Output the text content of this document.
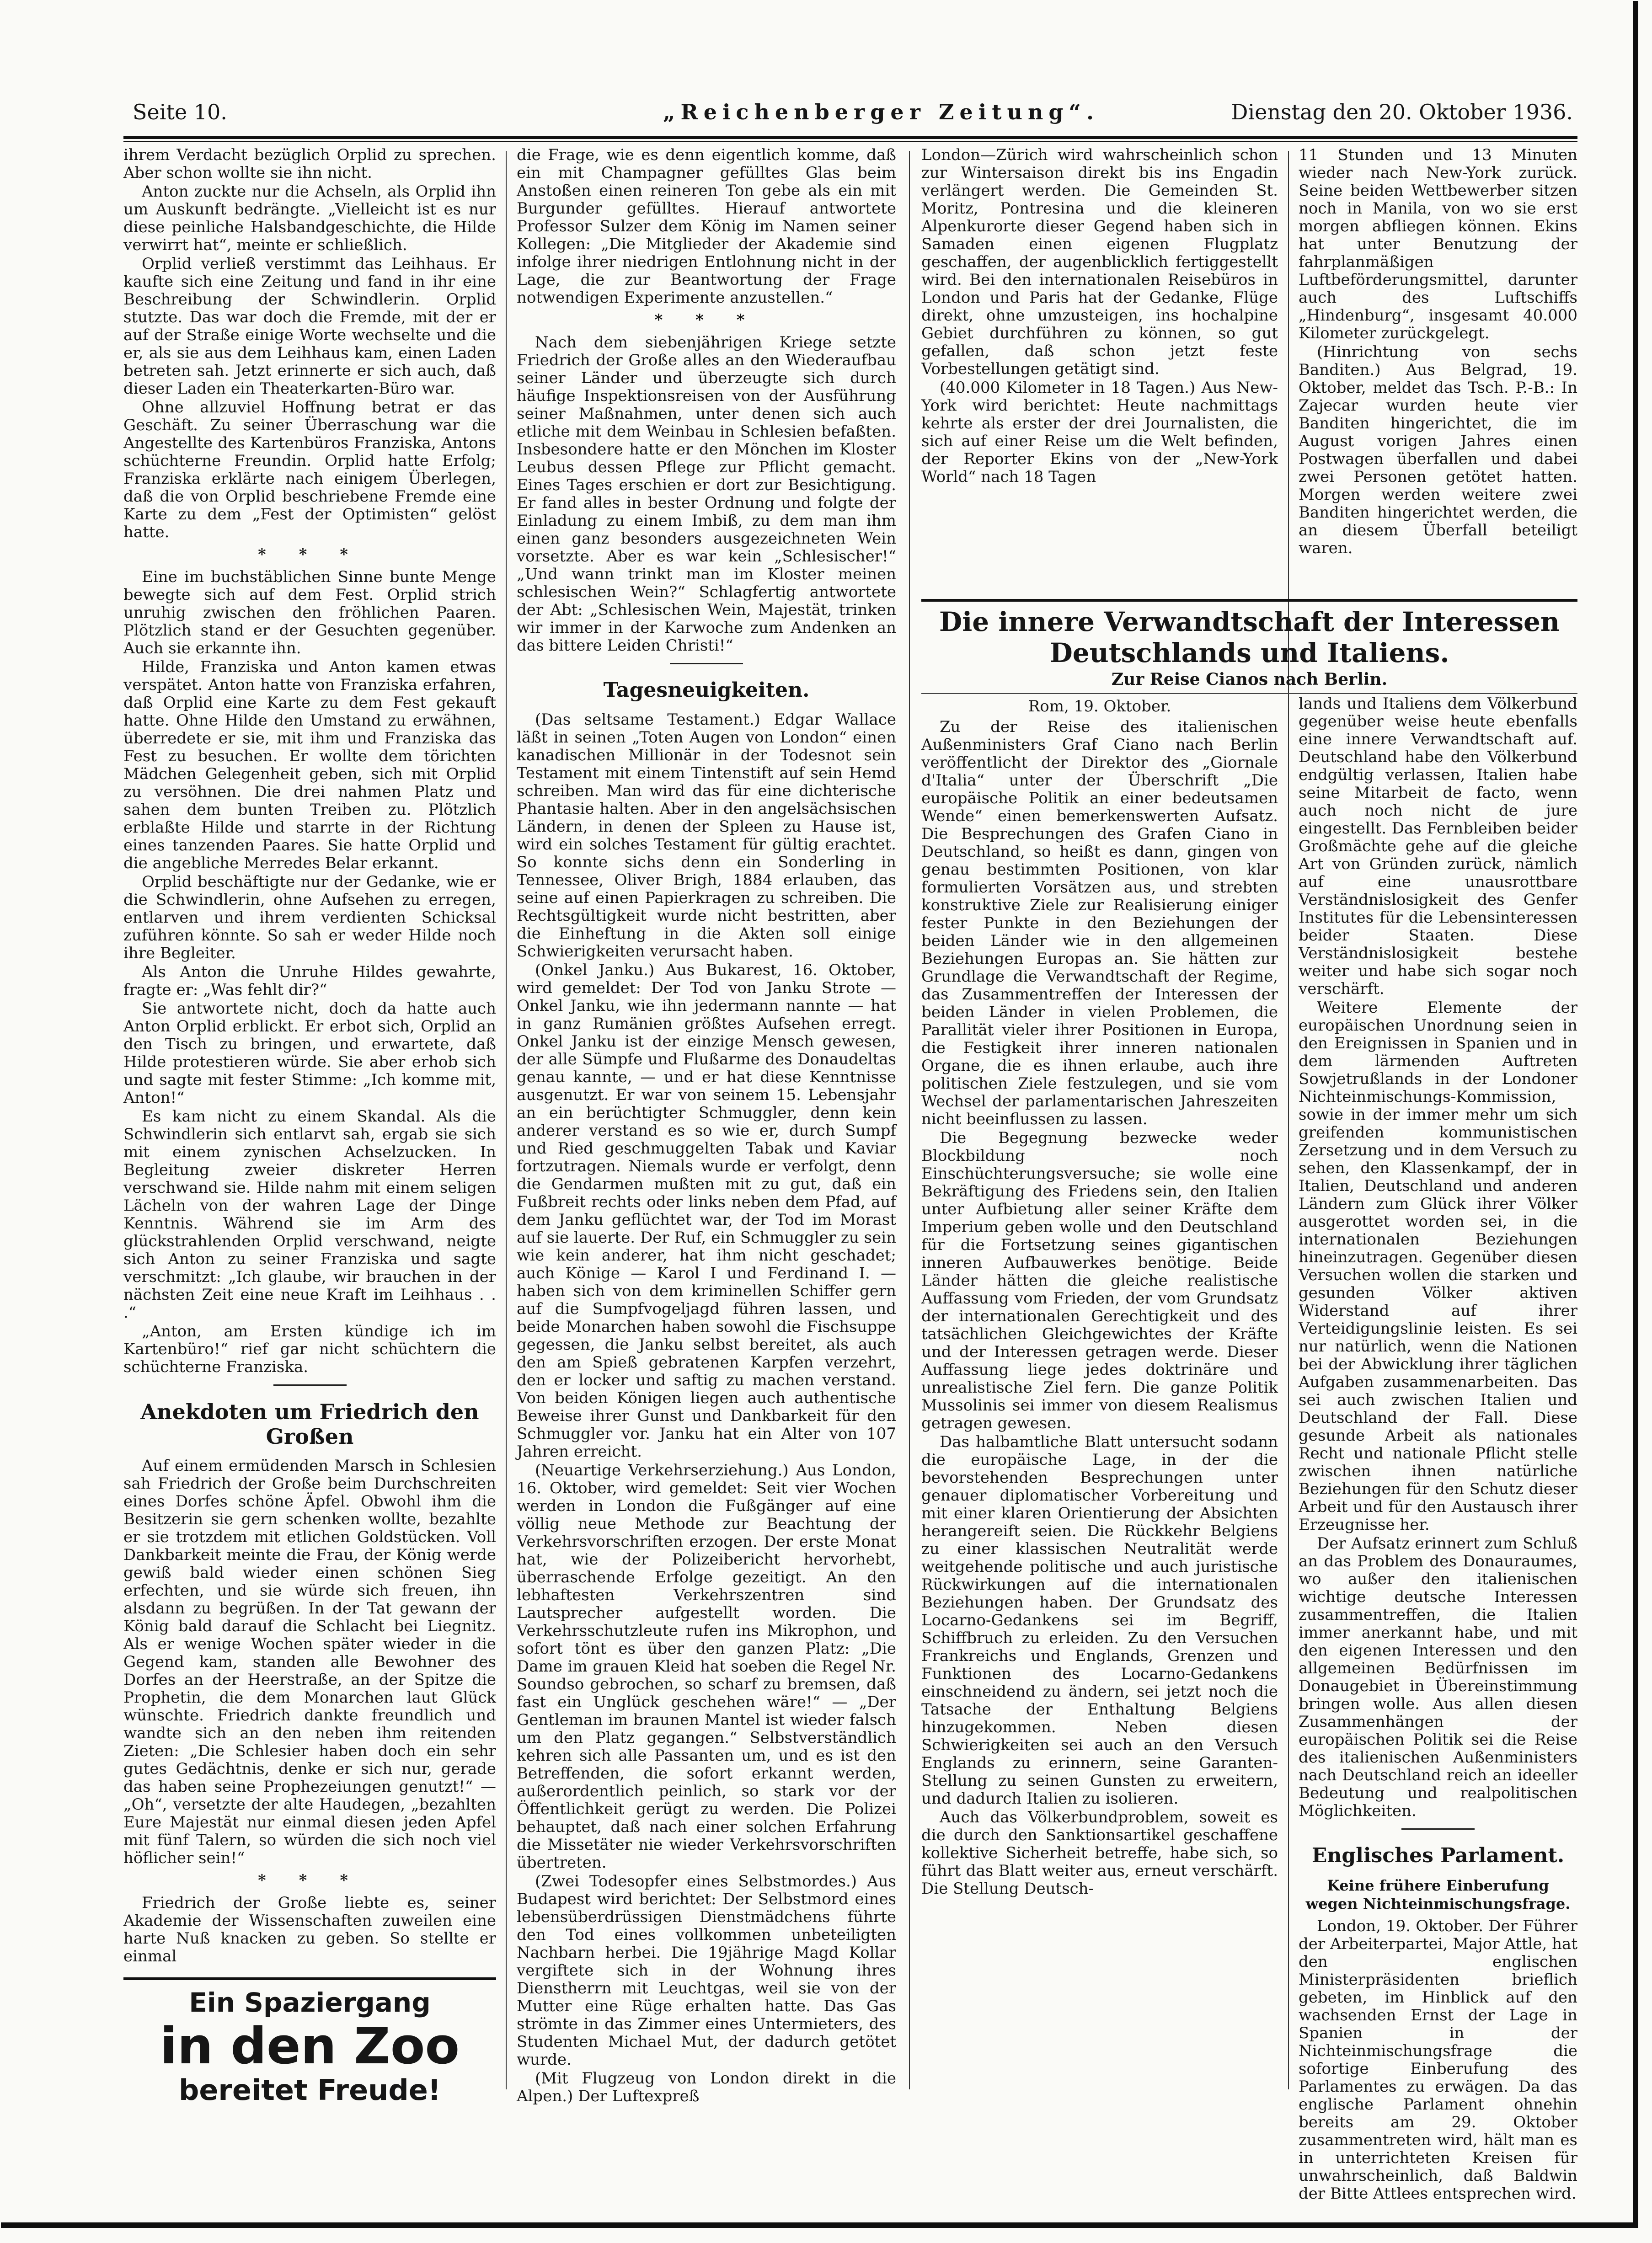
Seite 10.	„Reichenberger Zeitung“.	Dienstag den 20. Oktober 1936.

ihrem Verdacht bezüglich Orplid zu sprechen. Aber schon wollte sie ihn nicht.

Anton zuckte nur die Achseln, als Orplid ihn um Auskunft bedrängte. „Vielleicht ist es nur diese peinliche Halsbandgeschichte, die Hilde verwirrt hat“, meinte er schließlich.

Orplid verließ verstimmt das Leihhaus. Er kaufte sich eine Zeitung und fand in ihr eine Beschreibung der Schwindlerin. Orplid stutzte. Das war doch die Fremde, mit der er auf der Straße einige Worte wechselte und die er, als sie aus dem Leihhaus kam, einen Laden betreten sah. Jetzt erinnerte er sich auch, daß dieser Laden ein Theaterkarten-Büro war.

Ohne allzuviel Hoffnung betrat er das Geschäft. Zu seiner Überraschung war die Angestellte des Kartenbüros Franziska, Antons schüchterne Freundin. Orplid hatte Erfolg; Franziska erklärte nach einigem Überlegen, daß die von Orplid beschriebene Fremde eine Karte zu dem „Fest der Optimisten“ gelöst hatte.

* * *

Eine im buchstäblichen Sinne bunte Menge bewegte sich auf dem Fest. Orplid strich unruhig zwischen den fröhlichen Paaren. Plötzlich stand er der Gesuchten gegenüber. Auch sie erkannte ihn.

Hilde, Franziska und Anton kamen etwas verspätet. Anton hatte von Franziska erfahren, daß Orplid eine Karte zu dem Fest gekauft hatte. Ohne Hilde den Umstand zu erwähnen, überredete er sie, mit ihm und Franziska das Fest zu besuchen. Er wollte dem törichten Mädchen Gelegenheit geben, sich mit Orplid zu versöhnen. Die drei nahmen Platz und sahen dem bunten Treiben zu. Plötzlich erblaßte Hilde und starrte in der Richtung eines tanzenden Paares. Sie hatte Orplid und die angebliche Merredes Belar erkannt.

Orplid beschäftigte nur der Gedanke, wie er die Schwindlerin, ohne Aufsehen zu erregen, entlarven und ihrem verdienten Schicksal zuführen könnte. So sah er weder Hilde noch ihre Begleiter.

Als Anton die Unruhe Hildes gewahrte, fragte er: „Was fehlt dir?“

Sie antwortete nicht, doch da hatte auch Anton Orplid erblickt. Er erbot sich, Orplid an den Tisch zu bringen, und erwartete, daß Hilde protestieren würde. Sie aber erhob sich und sagte mit fester Stimme: „Ich komme mit, Anton!“

Es kam nicht zu einem Skandal. Als die Schwindlerin sich entlarvt sah, ergab sie sich mit einem zynischen Achselzucken. In Begleitung zweier diskreter Herren verschwand sie. Hilde nahm mit einem seligen Lächeln von der wahren Lage der Dinge Kenntnis. Während sie im Arm des glückstrahlenden Orplid verschwand, neigte sich Anton zu seiner Franziska und sagte verschmitzt: „Ich glaube, wir brauchen in der nächsten Zeit eine neue Kraft im Leihhaus . . .“

„Anton, am Ersten kündige ich im Kartenbüro!“ rief gar nicht schüchtern die schüchterne Franziska.

Anekdoten um Friedrich den Großen

Auf einem ermüdenden Marsch in Schlesien sah Friedrich der Große beim Durchschreiten eines Dorfes schöne Äpfel. Obwohl ihm die Besitzerin sie gern schenken wollte, bezahlte er sie trotzdem mit etlichen Goldstücken. Voll Dankbarkeit meinte die Frau, der König werde gewiß bald wieder einen schönen Sieg erfechten, und sie würde sich freuen, ihn alsdann zu begrüßen. In der Tat gewann der König bald darauf die Schlacht bei Liegnitz. Als er wenige Wochen später wieder in die Gegend kam, standen alle Bewohner des Dorfes an der Heerstraße, an der Spitze die Prophetin, die dem Monarchen laut Glück wünschte. Friedrich dankte freundlich und wandte sich an den neben ihm reitenden Zieten: „Die Schlesier haben doch ein sehr gutes Gedächtnis, denke er sich nur, gerade das haben seine Prophezeiungen genutzt!“ — „Oh“, versetzte der alte Haudegen, „bezahlten Eure Majestät nur einmal diesen jeden Apfel mit fünf Talern, so würden die sich noch viel höflicher sein!“

* * *

Friedrich der Große liebte es, seiner Akademie der Wissenschaften zuweilen eine harte Nuß knacken zu geben. So stellte er einmal

Ein Spaziergang
in den Zoo
bereitet Freude!

die Frage, wie es denn eigentlich komme, daß ein mit Champagner gefülltes Glas beim Anstoßen einen reineren Ton gebe als ein mit Burgunder gefülltes. Hierauf antwortete Professor Sulzer dem König im Namen seiner Kollegen: „Die Mitglieder der Akademie sind infolge ihrer niedrigen Entlohnung nicht in der Lage, die zur Beantwortung der Frage notwendigen Experimente anzustellen.“

* * *

Nach dem siebenjährigen Kriege setzte Friedrich der Große alles an den Wiederaufbau seiner Länder und überzeugte sich durch häufige Inspektionsreisen von der Ausführung seiner Maßnahmen, unter denen sich auch etliche mit dem Weinbau in Schlesien befaßten. Insbesondere hatte er den Mönchen im Kloster Leubus dessen Pflege zur Pflicht gemacht. Eines Tages erschien er dort zur Besichtigung. Er fand alles in bester Ordnung und folgte der Einladung zu einem Imbiß, zu dem man ihm einen ganz besonders ausgezeichneten Wein vorsetzte. Aber es war kein „Schlesischer!“ „Und wann trinkt man im Kloster meinen schlesischen Wein?“ Schlagfertig antwortete der Abt: „Schlesischen Wein, Majestät, trinken wir immer in der Karwoche zum Andenken an das bittere Leiden Christi!“

Tagesneuigkeiten.

(Das seltsame Testament.) Edgar Wallace läßt in seinen „Toten Augen von London“ einen kanadischen Millionär in der Todesnot sein Testament mit einem Tintenstift auf sein Hemd schreiben. Man wird das für eine dichterische Phantasie halten. Aber in den angelsächsischen Ländern, in denen der Spleen zu Hause ist, wird ein solches Testament für gültig erachtet. So konnte sichs denn ein Sonderling in Tennessee, Oliver Brigh, 1884 erlauben, das seine auf einen Papierkragen zu schreiben. Die Rechtsgültigkeit wurde nicht bestritten, aber die Einheftung in die Akten soll einige Schwierigkeiten verursacht haben.

(Onkel Janku.) Aus Bukarest, 16. Oktober, wird gemeldet: Der Tod von Janku Strote — Onkel Janku, wie ihn jedermann nannte — hat in ganz Rumänien größtes Aufsehen erregt. Onkel Janku ist der einzige Mensch gewesen, der alle Sümpfe und Flußarme des Donaudeltas genau kannte, — und er hat diese Kenntnisse ausgenutzt. Er war von seinem 15. Lebensjahr an ein berüchtigter Schmuggler, denn kein anderer verstand es so wie er, durch Sumpf und Ried geschmuggelten Tabak und Kaviar fortzutragen. Niemals wurde er verfolgt, denn die Gendarmen mußten mit zu gut, daß ein Fußbreit rechts oder links neben dem Pfad, auf dem Janku geflüchtet war, der Tod im Morast auf sie lauerte. Der Ruf, ein Schmuggler zu sein wie kein anderer, hat ihm nicht geschadet; auch Könige — Karol I und Ferdinand I. — haben sich von dem kriminellen Schiffer gern auf die Sumpfvogeljagd führen lassen, und beide Monarchen haben sowohl die Fischsuppe gegessen, die Janku selbst bereitet, als auch den am Spieß gebratenen Karpfen verzehrt, den er locker und saftig zu machen verstand. Von beiden Königen liegen auch authentische Beweise ihrer Gunst und Dankbarkeit für den Schmuggler vor. Janku hat ein Alter von 107 Jahren erreicht.

(Neuartige Verkehrserziehung.) Aus London, 16. Oktober, wird gemeldet: Seit vier Wochen werden in London die Fußgänger auf eine völlig neue Methode zur Beachtung der Verkehrsvorschriften erzogen. Der erste Monat hat, wie der Polizeibericht hervorhebt, überraschende Erfolge gezeitigt. An den lebhaftesten Verkehrszentren sind Lautsprecher aufgestellt worden. Die Verkehrsschutzleute rufen ins Mikrophon, und sofort tönt es über den ganzen Platz: „Die Dame im grauen Kleid hat soeben die Regel Nr. Soundso gebrochen, so scharf zu bremsen, daß fast ein Unglück geschehen wäre!“ — „Der Gentleman im braunen Mantel ist wieder falsch um den Platz gegangen.“ Selbstverständlich kehren sich alle Passanten um, und es ist den Betreffenden, die sofort erkannt werden, außerordentlich peinlich, so stark vor der Öffentlichkeit gerügt zu werden. Die Polizei behauptet, daß nach einer solchen Erfahrung die Missetäter nie wieder Verkehrsvorschriften übertreten.

(Zwei Todesopfer eines Selbstmordes.) Aus Budapest wird berichtet: Der Selbstmord eines lebensüberdrüssigen Dienstmädchens führte den Tod eines vollkommen unbeteiligten Nachbarn herbei. Die 19jährige Magd Kollar vergiftete sich in der Wohnung ihres Dienstherrn mit Leuchtgas, weil sie von der Mutter eine Rüge erhalten hatte. Das Gas strömte in das Zimmer eines Untermieters, des Studenten Michael Mut, der dadurch getötet wurde.

(Mit Flugzeug von London direkt in die Alpen.) Der Luftexpreß

London—Zürich wird wahrscheinlich schon zur Wintersaison direkt bis ins Engadin verlängert werden. Die Gemeinden St. Moritz, Pontresina und die kleineren Alpenkurorte dieser Gegend haben sich in Samaden einen eigenen Flugplatz geschaffen, der augenblicklich fertiggestellt wird. Bei den internationalen Reisebüros in London und Paris hat der Gedanke, Flüge direkt, ohne umzusteigen, ins hochalpine Gebiet durchführen zu können, so gut gefallen, daß schon jetzt feste Vorbestellungen getätigt sind.

(40.000 Kilometer in 18 Tagen.) Aus New-York wird berichtet: Heute nachmittags kehrte als erster der drei Journalisten, die sich auf einer Reise um die Welt befinden, der Reporter Ekins von der „New-York World“ nach 18 Tagen

11 Stunden und 13 Minuten wieder nach New-York zurück. Seine beiden Wettbewerber sitzen noch in Manila, von wo sie erst morgen abfliegen können. Ekins hat unter Benutzung der fahrplanmäßigen Luftbeförderungsmittel, darunter auch des Luftschiffs „Hindenburg“, insgesamt 40.000 Kilometer zurückgelegt.

(Hinrichtung von sechs Banditen.) Aus Belgrad, 19. Oktober, meldet das Tsch. P.-B.: In Zajecar wurden heute vier Banditen hingerichtet, die im August vorigen Jahres einen Postwagen überfallen und dabei zwei Personen getötet hatten. Morgen werden weitere zwei Banditen hingerichtet werden, die an diesem Überfall beteiligt waren.

Die innere Verwandtschaft der Interessen Deutschlands und Italiens.
Zur Reise Cianos nach Berlin.
Rom, 19. Oktober.

Zu der Reise des italienischen Außenministers Graf Ciano nach Berlin veröffentlicht der Direktor des „Giornale d'Italia“ unter der Überschrift „Die europäische Politik an einer bedeutsamen Wende“ einen bemerkenswerten Aufsatz. Die Besprechungen des Grafen Ciano in Deutschland, so heißt es dann, gingen von genau bestimmten Positionen, von klar formulierten Vorsätzen aus, und strebten konstruktive Ziele zur Realisierung einiger fester Punkte in den Beziehungen der beiden Länder wie in den allgemeinen Beziehungen Europas an. Sie hätten zur Grundlage die Verwandtschaft der Regime, das Zusammentreffen der Interessen der beiden Länder in vielen Problemen, die Parallität vieler ihrer Positionen in Europa, die Festigkeit ihrer inneren nationalen Organe, die es ihnen erlaube, auch ihre politischen Ziele festzulegen, und sie vom Wechsel der parlamentarischen Jahreszeiten nicht beeinflussen zu lassen.

Die Begegnung bezwecke weder Blockbildung noch Einschüchterungsversuche; sie wolle eine Bekräftigung des Friedens sein, den Italien unter Aufbietung aller seiner Kräfte dem Imperium geben wolle und den Deutschland für die Fortsetzung seines gigantischen inneren Aufbauwerkes benötige. Beide Länder hätten die gleiche realistische Auffassung vom Frieden, der vom Grundsatz der internationalen Gerechtigkeit und des tatsächlichen Gleichgewichtes der Kräfte und der Interessen getragen werde. Dieser Auffassung liege jedes doktrinäre und unrealistische Ziel fern. Die ganze Politik Mussolinis sei immer von diesem Realismus getragen gewesen.

Das halbamtliche Blatt untersucht sodann die europäische Lage, in der die bevorstehenden Besprechungen unter genauer diplomatischer Vorbereitung und mit einer klaren Orientierung der Absichten herangereift seien. Die Rückkehr Belgiens zu einer klassischen Neutralität werde weitgehende politische und auch juristische Rückwirkungen auf die internationalen Beziehungen haben. Der Grundsatz des Locarno-Gedankens sei im Begriff, Schiffbruch zu erleiden. Zu den Versuchen Frankreichs und Englands, Grenzen und Funktionen des Locarno-Gedankens einschneidend zu ändern, sei jetzt noch die Tatsache der Enthaltung Belgiens hinzugekommen. Neben diesen Schwierigkeiten sei auch an den Versuch Englands zu erinnern, seine Garanten-Stellung zu seinen Gunsten zu erweitern, und dadurch Italien zu isolieren.

Auch das Völkerbundproblem, soweit es die durch den Sanktionsartikel geschaffene kollektive Sicherheit betreffe, habe sich, so führt das Blatt weiter aus, erneut verschärft. Die Stellung Deutsch-

lands und Italiens dem Völkerbund gegenüber weise heute ebenfalls eine innere Verwandtschaft auf. Deutschland habe den Völkerbund endgültig verlassen, Italien habe seine Mitarbeit de facto, wenn auch noch nicht de jure eingestellt. Das Fernbleiben beider Großmächte gehe auf die gleiche Art von Gründen zurück, nämlich auf eine unausrottbare Verständnislosigkeit des Genfer Institutes für die Lebensinteressen beider Staaten. Diese Verständnislosigkeit bestehe weiter und habe sich sogar noch verschärft.

Weitere Elemente der europäischen Unordnung seien in den Ereignissen in Spanien und in dem lärmenden Auftreten Sowjetrußlands in der Londoner Nichteinmischungs-Kommission, sowie in der immer mehr um sich greifenden kommunistischen Zersetzung und in dem Versuch zu sehen, den Klassenkampf, der in Italien, Deutschland und anderen Ländern zum Glück ihrer Völker ausgerottet worden sei, in die internationalen Beziehungen hineinzutragen. Gegenüber diesen Versuchen wollen die starken und gesunden Völker aktiven Widerstand auf ihrer Verteidigungslinie leisten. Es sei nur natürlich, wenn die Nationen bei der Abwicklung ihrer täglichen Aufgaben zusammenarbeiten. Das sei auch zwischen Italien und Deutschland der Fall. Diese gesunde Arbeit als nationales Recht und nationale Pflicht stelle zwischen ihnen natürliche Beziehungen für den Schutz dieser Arbeit und für den Austausch ihrer Erzeugnisse her.

Der Aufsatz erinnert zum Schluß an das Problem des Donauraumes, wo außer den italienischen wichtige deutsche Interessen zusammentreffen, die Italien immer anerkannt habe, und mit den eigenen Interessen und den allgemeinen Bedürfnissen im Donaugebiet in Übereinstimmung bringen wolle. Aus allen diesen Zusammenhängen der europäischen Politik sei die Reise des italienischen Außenministers nach Deutschland reich an ideeller Bedeutung und realpolitischen Möglichkeiten.

Englisches Parlament.
Keine frühere Einberufung wegen Nichteinmischungsfrage.

London, 19. Oktober. Der Führer der Arbeiterpartei, Major Attle, hat den englischen Ministerpräsidenten brieflich gebeten, im Hinblick auf den wachsenden Ernst der Lage in Spanien in der Nichteinmischungsfrage die sofortige Einberufung des Parlamentes zu erwägen. Da das englische Parlament ohnehin bereits am 29. Oktober zusammentreten wird, hält man es in unterrichteten Kreisen für unwahrscheinlich, daß Baldwin der Bitte Attlees entsprechen wird.
